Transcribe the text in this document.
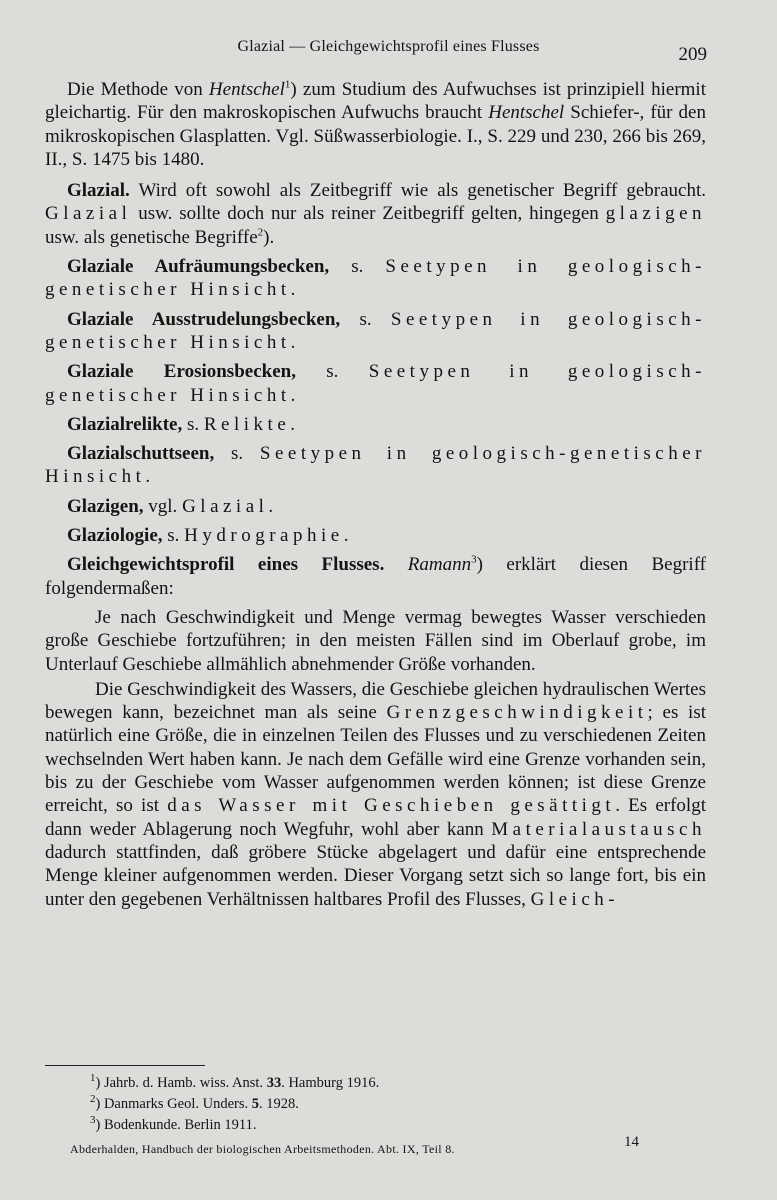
Glazial — Gleichgewichtsprofil eines Flusses	209

Die Methode von Hentschel$^1$) zum Studium des Aufwuchses ist prinzipiell hiermit gleichartig. Für den makroskopischen Aufwuchs braucht Hentschel Schiefer-, für den mikroskopischen Glasplatten. Vgl. Süßwasserbiologie. I., S. 229 und 230, 266 bis 269, II., S. 1475 bis 1480.

Glazial. Wird oft sowohl als Zeitbegriff wie als genetischer Begriff gebraucht. Glazial usw. sollte doch nur als reiner Zeitbegriff gelten, hingegen glazigen usw. als genetische Begriffe$^2$).

Glaziale Aufräumungsbecken, s. Seetypen in geologisch-genetischer Hinsicht.

Glaziale Ausstrudelungsbecken, s. Seetypen in geologisch-genetischer Hinsicht.

Glaziale Erosionsbecken, s. Seetypen in geologisch-genetischer Hinsicht.

Glazialrelikte, s. Relikte.

Glazialschuttseen, s. Seetypen in geologisch-genetischer Hinsicht.

Glazigen, vgl. Glazial.

Glaziologie, s. Hydrographie.

Gleichgewichtsprofil eines Flusses. Ramann$^3$) erklärt diesen Begriff folgendermaßen:

Je nach Geschwindigkeit und Menge vermag bewegtes Wasser verschieden große Geschiebe fortzuführen; in den meisten Fällen sind im Oberlauf grobe, im Unterlauf Geschiebe allmählich abnehmender Größe vorhanden.

Die Geschwindigkeit des Wassers, die Geschiebe gleichen hydraulischen Wertes bewegen kann, bezeichnet man als seine Grenzgeschwindigkeit; es ist natürlich eine Größe, die in einzelnen Teilen des Flusses und zu verschiedenen Zeiten wechselnden Wert haben kann. Je nach dem Gefälle wird eine Grenze vorhanden sein, bis zu der Geschiebe vom Wasser aufgenommen werden können; ist diese Grenze erreicht, so ist das Wasser mit Geschieben gesättigt. Es erfolgt dann weder Ablagerung noch Wegfuhr, wohl aber kann Materialaustausch dadurch stattfinden, daß gröbere Stücke abgelagert und dafür eine entsprechende Menge kleiner aufgenommen werden. Dieser Vorgang setzt sich so lange fort, bis ein unter den gegebenen Verhältnissen haltbares Profil des Flusses, Gleich-

$^1$) Jahrb. d. Hamb. wiss. Anst. 33. Hamburg 1916.
$^2$) Danmarks Geol. Unders. 5. 1928.
$^3$) Bodenkunde. Berlin 1911.
Abderhalden, Handbuch der biologischen Arbeitsmethoden. Abt. IX, Teil 8.	14
